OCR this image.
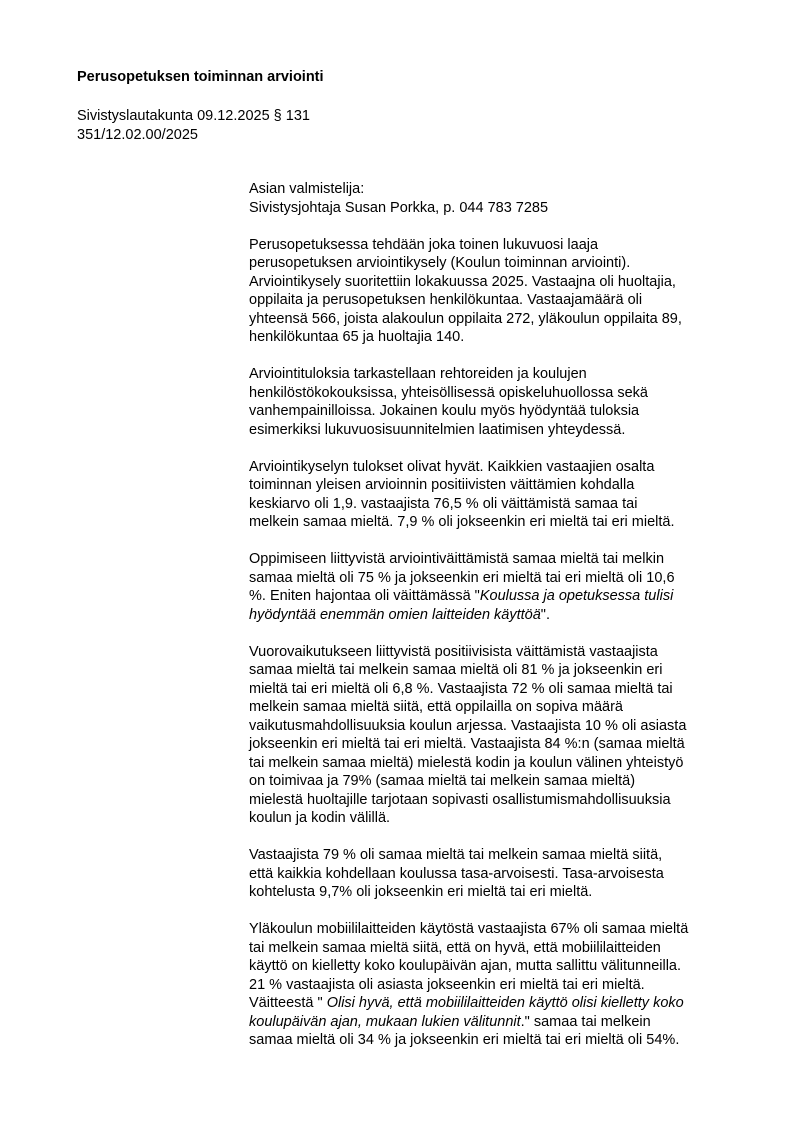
Perusopetuksen toiminnan arviointi
Sivistyslautakunta 09.12.2025 § 131
351/12.02.00/2025
Asian valmistelija:
Sivistysjohtaja Susan Porkka, p. 044 783 7285
Perusopetuksessa tehdään joka toinen lukuvuosi laaja
perusopetuksen arviointikysely (Koulun toiminnan arviointi).
Arviointikysely suoritettiin lokakuussa 2025. Vastaajna oli huoltajia,
oppilaita ja perusopetuksen henkilökuntaa. Vastaajamäärä oli
yhteensä 566, joista alakoulun oppilaita 272, yläkoulun oppilaita 89,
henkilökuntaa 65 ja huoltajia 140.
Arviointituloksia tarkastellaan rehtoreiden ja koulujen
henkilöstökokouksissa, yhteisöllisessä opiskeluhuollossa sekä
vanhempainilloissa. Jokainen koulu myös hyödyntää tuloksia
esimerkiksi lukuvuosisuunnitelmien laatimisen yhteydessä.
Arviointikyselyn tulokset olivat hyvät. Kaikkien vastaajien osalta
toiminnan yleisen arvioinnin positiivisten väittämien kohdalla
keskiarvo oli 1,9. vastaajista 76,5 % oli väittämistä samaa tai
melkein samaa mieltä. 7,9 % oli jokseenkin eri mieltä tai eri mieltä.
Oppimiseen liittyvistä arviointiväittämistä samaa mieltä tai melkin
samaa mieltä oli 75 % ja jokseenkin eri mieltä tai eri mieltä oli 10,6
%. Eniten hajontaa oli väittämässä "Koulussa ja opetuksessa tulisi
hyödyntää enemmän omien laitteiden käyttöä".
Vuorovaikutukseen liittyvistä positiivisista väittämistä vastaajista
samaa mieltä tai melkein samaa mieltä oli 81 % ja jokseenkin eri
mieltä tai eri mieltä oli 6,8 %. Vastaajista 72 % oli samaa mieltä tai
melkein samaa mieltä siitä, että oppilailla on sopiva määrä
vaikutusmahdollisuuksia koulun arjessa. Vastaajista 10 % oli asiasta
jokseenkin eri mieltä tai eri mieltä. Vastaajista 84 %:n (samaa mieltä
tai melkein samaa mieltä) mielestä kodin ja koulun välinen yhteistyö
on toimivaa ja 79% (samaa mieltä tai melkein samaa mieltä)
mielestä huoltajille tarjotaan sopivasti osallistumismahdollisuuksia
koulun ja kodin välillä.
Vastaajista 79 % oli samaa mieltä tai melkein samaa mieltä siitä,
että kaikkia kohdellaan koulussa tasa-arvoisesti. Tasa-arvoisesta
kohtelusta 9,7% oli jokseenkin eri mieltä tai eri mieltä.
Yläkoulun mobiililaitteiden käytöstä vastaajista 67% oli samaa mieltä
tai melkein samaa mieltä siitä, että on hyvä, että mobiililaitteiden
käyttö on kielletty koko koulupäivän ajan, mutta sallittu välitunneilla.
21 % vastaajista oli asiasta jokseenkin eri mieltä tai eri mieltä.
Väitteestä " Olisi hyvä, että mobiililaitteiden käyttö olisi kielletty koko
koulupäivän ajan, mukaan lukien välitunnit." samaa tai melkein
samaa mieltä oli 34 % ja jokseenkin eri mieltä tai eri mieltä oli 54%.
